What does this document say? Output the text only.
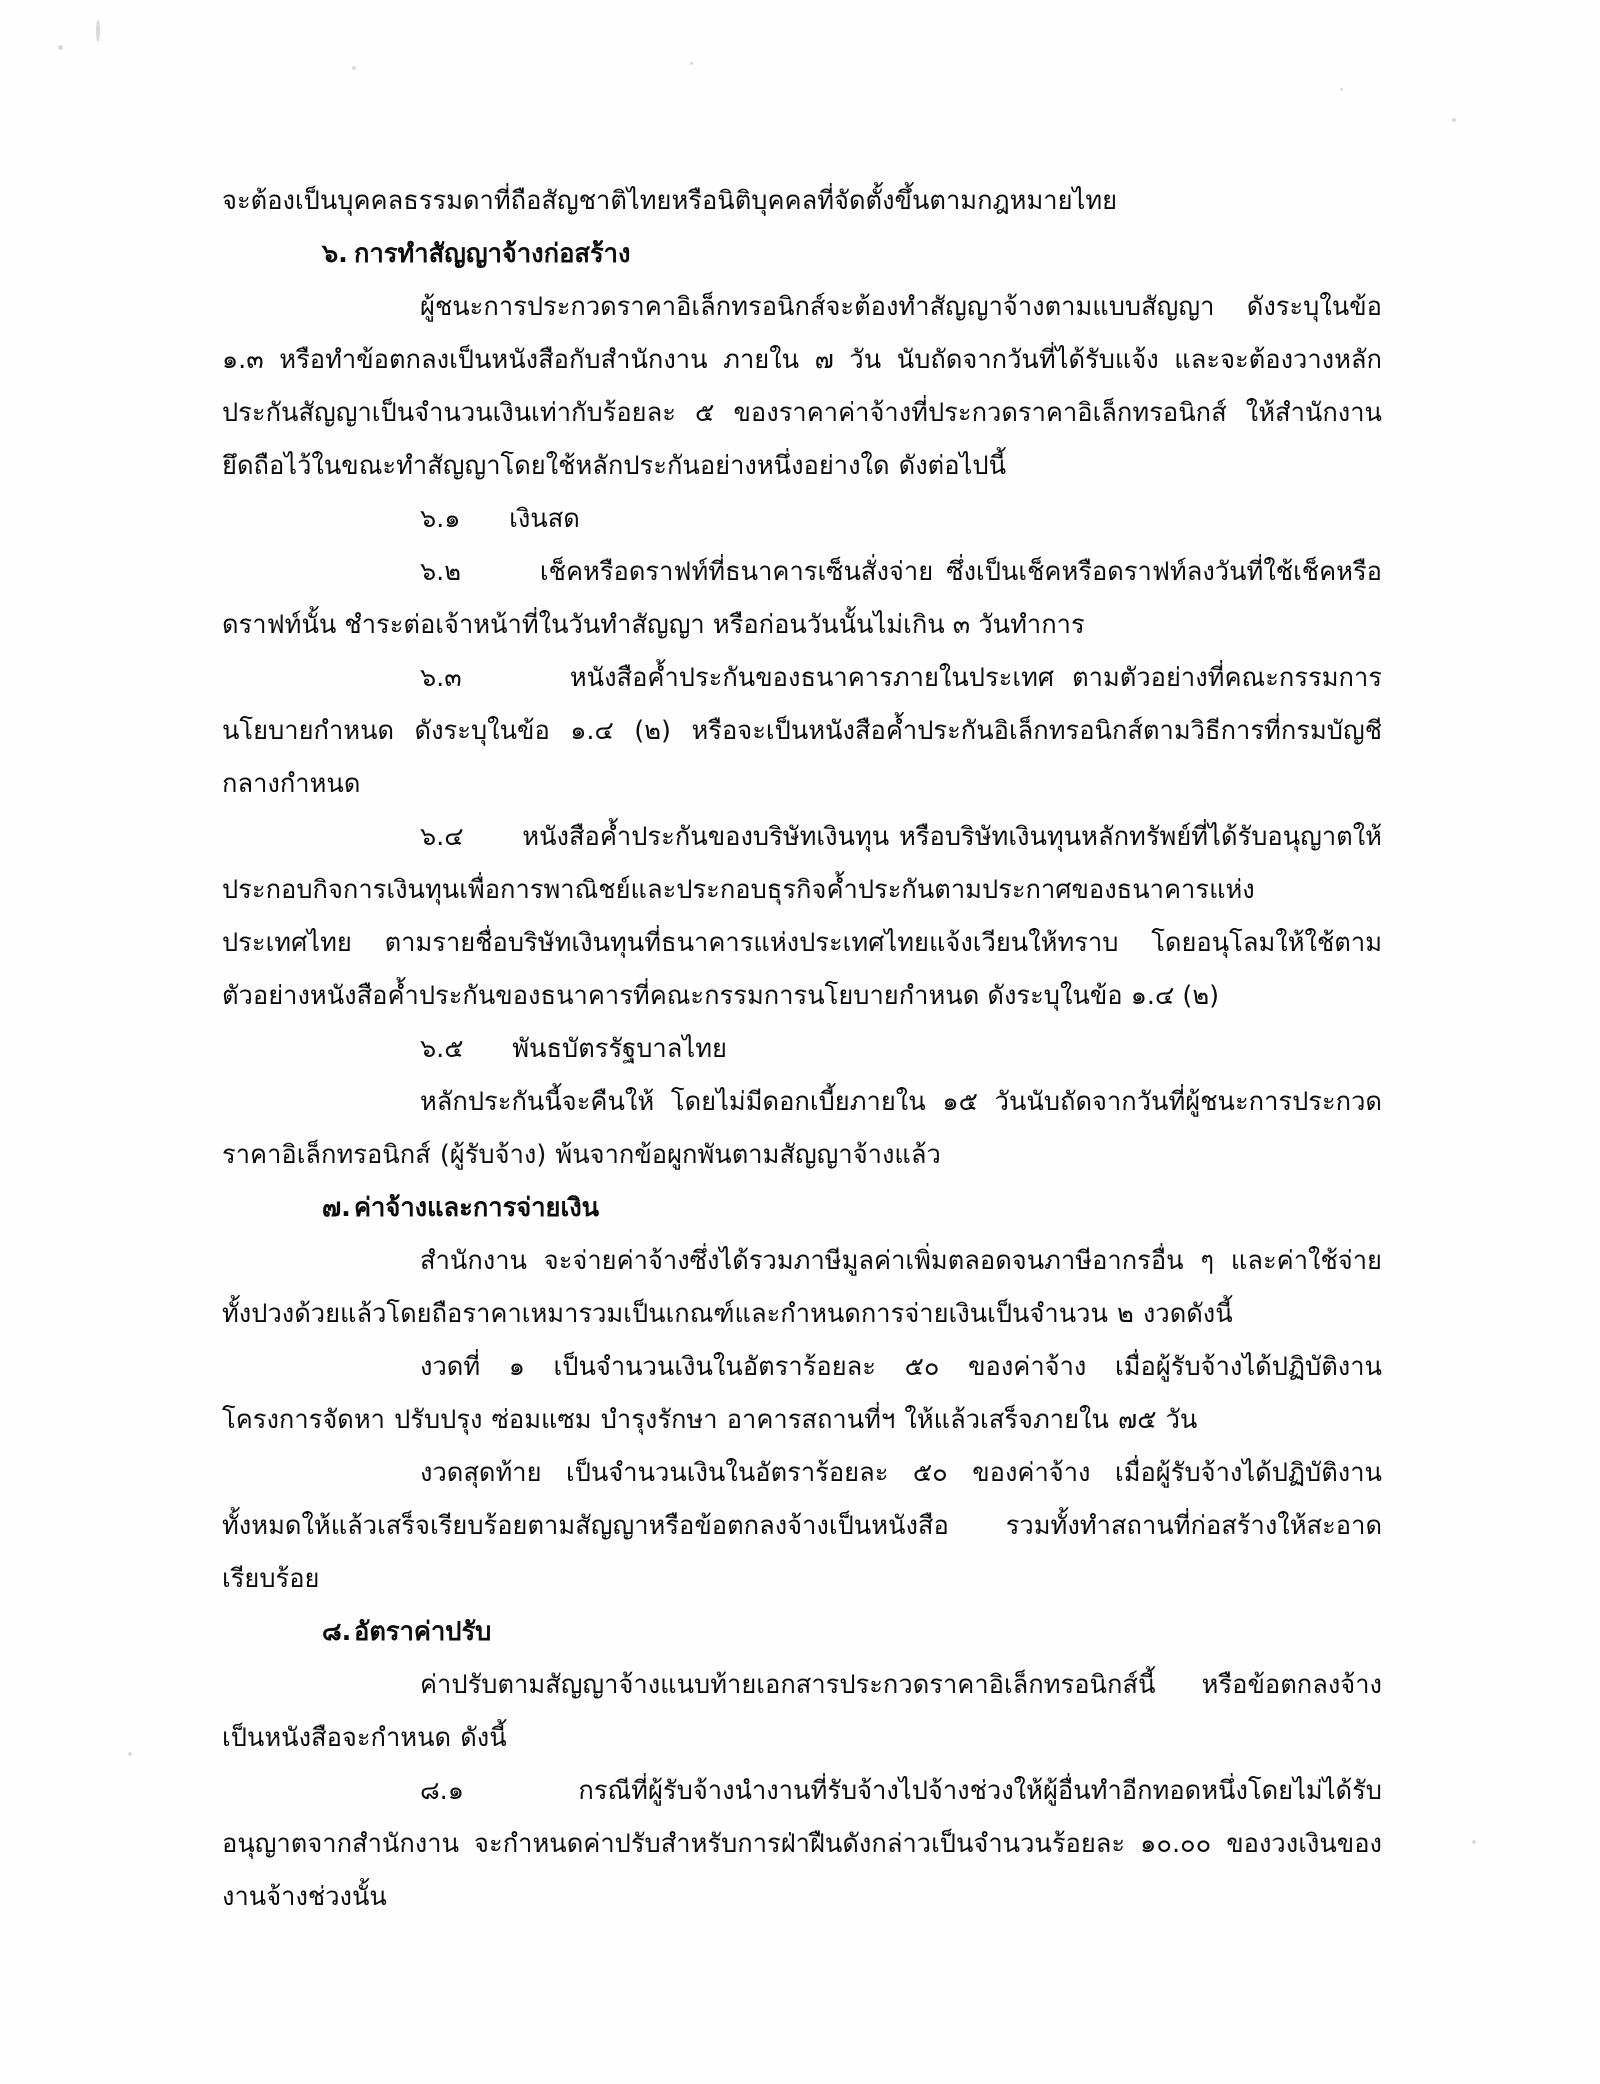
จะต้องเป็นบุคคลธรรมดาที่ถือสัญชาติไทยหรือนิติบุคคลที่จัดตั้งขึ้นตามกฎหมายไทย

๖. การทำสัญญาจ้างก่อสร้าง

ผู้ชนะการประกวดราคาอิเล็กทรอนิกส์จะต้องทำสัญญาจ้างตามแบบสัญญา ดังระบุในข้อ ๑.๓ หรือทำข้อตกลงเป็นหนังสือกับสำนักงาน ภายใน ๗ วัน นับถัดจากวันที่ได้รับแจ้ง และจะต้องวางหลักประกันสัญญาเป็นจำนวนเงินเท่ากับร้อยละ ๕ ของราคาค่าจ้างที่ประกวดราคาอิเล็กทรอนิกส์ ให้สำนักงานยึดถือไว้ในขณะทำสัญญาโดยใช้หลักประกันอย่างหนึ่งอย่างใด ดังต่อไปนี้

๖.๑ เงินสด

๖.๒	เช็คหรือดราฟท์ที่ธนาคารเซ็นสั่งจ่าย ซึ่งเป็นเช็คหรือดราฟท์ลงวันที่ใช้เช็คหรือดราฟท์นั้น ชำระต่อเจ้าหน้าที่ในวันทำสัญญา หรือก่อนวันนั้นไม่เกิน ๓ วันทำการ

๖.๓	หนังสือค้ำประกันของธนาคารภายในประเทศ ตามตัวอย่างที่คณะกรรมการนโยบายกำหนด ดังระบุในข้อ ๑.๔ (๒) หรือจะเป็นหนังสือค้ำประกันอิเล็กทรอนิกส์ตามวิธีการที่กรมบัญชีกลางกำหนด

๖.๔ หนังสือค้ำประกันของบริษัทเงินทุน หรือบริษัทเงินทุนหลักทรัพย์ที่ได้รับอนุญาตให้ประกอบกิจการเงินทุนเพื่อการพาณิชย์และประกอบธุรกิจค้ำประกันตามประกาศของธนาคารแห่งประเทศไทย ตามรายชื่อบริษัทเงินทุนที่ธนาคารแห่งประเทศไทยแจ้งเวียนให้ทราบ โดยอนุโลมให้ใช้ตามตัวอย่างหนังสือค้ำประกันของธนาคารที่คณะกรรมการนโยบายกำหนด ดังระบุในข้อ ๑.๔ (๒)

๖.๕ พันธบัตรรัฐบาลไทย

หลักประกันนี้จะคืนให้ โดยไม่มีดอกเบี้ยภายใน ๑๕ วันนับถัดจากวันที่ผู้ชนะการประกวดราคาอิเล็กทรอนิกส์ (ผู้รับจ้าง) พ้นจากข้อผูกพันตามสัญญาจ้างแล้ว

๗. ค่าจ้างและการจ่ายเงิน

สำนักงาน จะจ่ายค่าจ้างซึ่งได้รวมภาษีมูลค่าเพิ่มตลอดจนภาษีอากรอื่น ๆ และค่าใช้จ่ายทั้งปวงด้วยแล้วโดยถือราคาเหมารวมเป็นเกณฑ์และกำหนดการจ่ายเงินเป็นจำนวน ๒ งวดดังนี้

งวดที่ ๑ เป็นจำนวนเงินในอัตราร้อยละ ๕๐ ของค่าจ้าง เมื่อผู้รับจ้างได้ปฏิบัติงานโครงการจัดหา ปรับปรุง ซ่อมแซม บำรุงรักษา อาคารสถานที่ฯ ให้แล้วเสร็จภายใน ๗๕ วัน

งวดสุดท้าย เป็นจำนวนเงินในอัตราร้อยละ ๕๐ ของค่าจ้าง เมื่อผู้รับจ้างได้ปฏิบัติงานทั้งหมดให้แล้วเสร็จเรียบร้อยตามสัญญาหรือข้อตกลงจ้างเป็นหนังสือ รวมทั้งทำสถานที่ก่อสร้างให้สะอาดเรียบร้อย

๘. อัตราค่าปรับ

ค่าปรับตามสัญญาจ้างแนบท้ายเอกสารประกวดราคาอิเล็กทรอนิกส์นี้ หรือข้อตกลงจ้างเป็นหนังสือจะกำหนด ดังนี้

๘.๑	กรณีที่ผู้รับจ้างนำงานที่รับจ้างไปจ้างช่วงให้ผู้อื่นทำอีกทอดหนึ่งโดยไม่ได้รับอนุญาตจากสำนักงาน จะกำหนดค่าปรับสำหรับการฝ่าฝืนดังกล่าวเป็นจำนวนร้อยละ ๑๐.๐๐ ของวงเงินของงานจ้างช่วงนั้น
